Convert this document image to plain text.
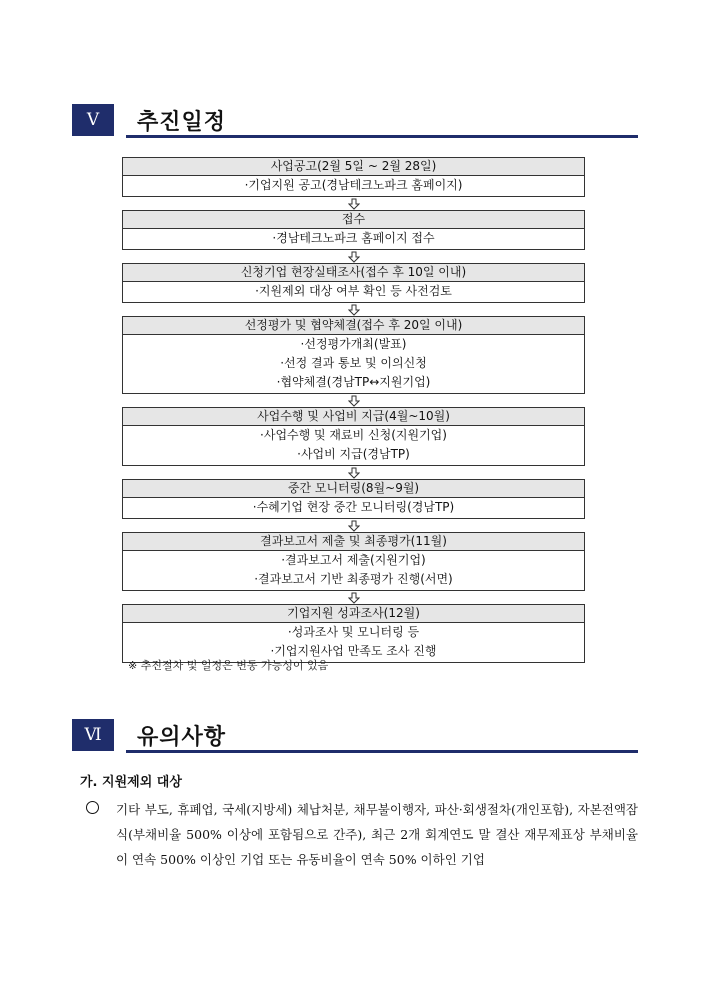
Ⅴ	추진일정
사업공고(2월 5일 ~ 2월 28일)
·기업지원 공고(경남테크노파크 홈페이지)
접수
·경남테크노파크 홈페이지 접수
신청기업 현장실태조사(접수 후 10일 이내)
·지원제외 대상 여부 확인 등 사전검토
선정평가 및 협약체결(접수 후 20일 이내)
·선정평가개최(발표)
·선정 결과 통보 및 이의신청
·협약체결(경남TP↔지원기업)
사업수행 및 사업비 지급(4월~10월)
·사업수행 및 재료비 신청(지원기업)
·사업비 지급(경남TP)
중간 모니터링(8월~9월)
·수혜기업 현장 중간 모니터링(경남TP)
결과보고서 제출 및 최종평가(11월)
·결과보고서 제출(지원기업)
·결과보고서 기반 최종평가 진행(서면)
기업지원 성과조사(12월)
·성과조사 및 모니터링 등
·기업지원사업 만족도 조사 진행
※ 추진절차 및 일정은 변동 가능성이 있음
Ⅵ	유의사항
가. 지원제외 대상
기타 부도, 휴폐업, 국세(지방세) 체납처분, 채무불이행자, 파산·회생절차(개인포함), 자본전액잠식(부채비율 500% 이상에 포함됨으로 간주), 최근 2개 회계연도 말 결산 재무제표상 부채비율이 연속 500% 이상인 기업 또는 유동비율이 연속 50% 이하인 기업
